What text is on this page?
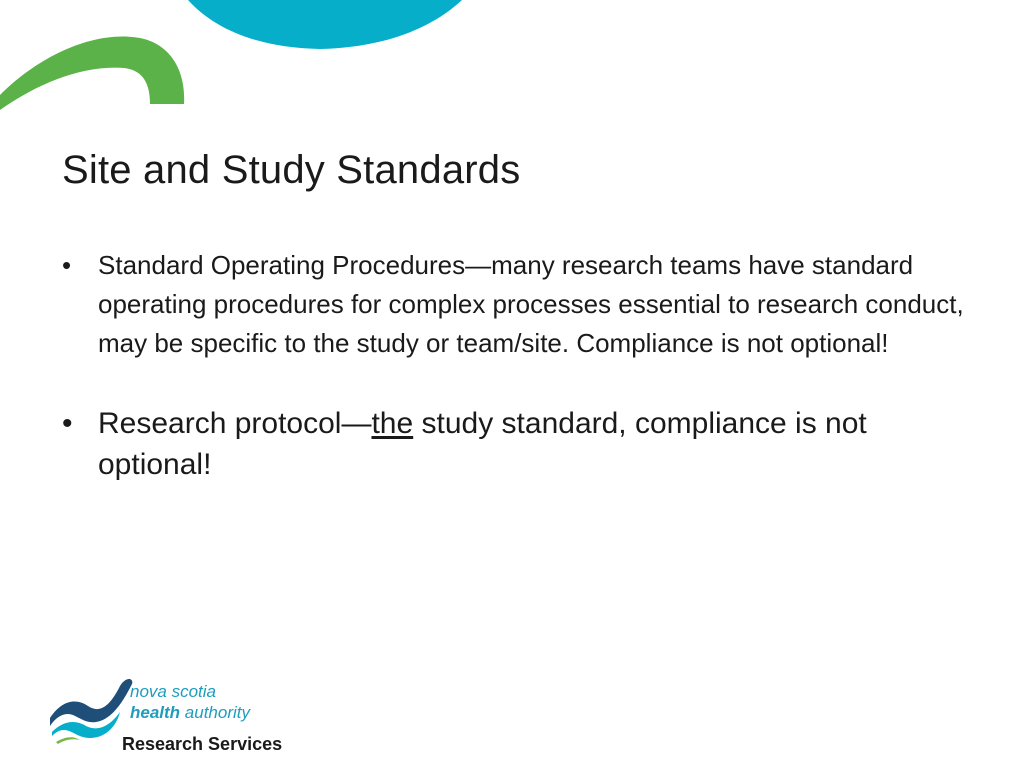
Site and Study Standards
• Standard Operating Procedures—many research teams have standard operating procedures for complex processes essential to research conduct, may be specific to the study or team/site. Compliance is not optional!
• Research protocol—the study standard, compliance is not optional!
nova scotia
health authority
Research Services
